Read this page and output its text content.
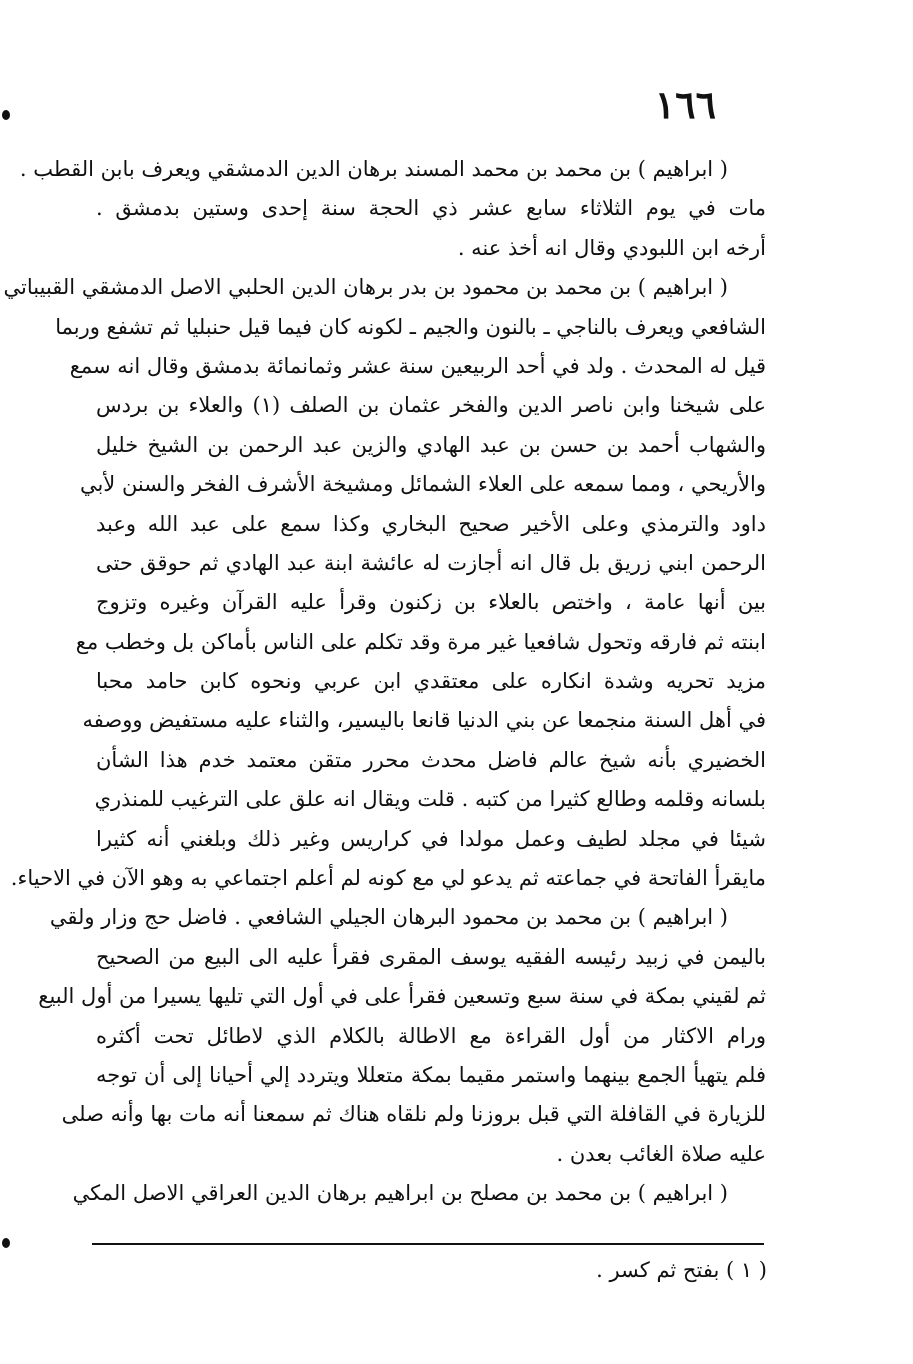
١٦٦
( ابراهيم ) بن محمد بن محمد المسند برهان الدين الدمشقي ويعرف بابن القطب .
مات في يوم الثلاثاء سابع عشر ذي الحجة سنة إحدى وستين بدمشق .
أرخه ابن اللبودي وقال انه أخذ عنه .
( ابراهيم ) بن محمد بن محمود بن بدر برهان الدين الحلبي الاصل الدمشقي القبيباتي
الشافعي ويعرف بالناجي ـ بالنون والجيم ـ لكونه كان فيما قيل حنبليا ثم تشفع وربما
قيل له المحدث . ولد في أحد الربيعين سنة عشر وثمانمائة بدمشق وقال انه سمع
على شيخنا وابن ناصر الدين والفخر عثمان بن الصلف (١) والعلاء بن بردس
والشهاب أحمد بن حسن بن عبد الهادي والزين عبد الرحمن بن الشيخ خليل
والأريحي ، ومما سمعه على العلاء الشمائل ومشيخة الأشرف الفخر والسنن لأبي
داود والترمذي وعلى الأخير صحيح البخاري وكذا سمع على عبد الله وعبد
الرحمن ابني زريق بل قال انه أجازت له عائشة ابنة عبد الهادي ثم حوقق حتى
بين أنها عامة ، واختص بالعلاء بن زكنون وقرأ عليه القرآن وغيره وتزوج
ابنته ثم فارقه وتحول شافعيا غير مرة وقد تكلم على الناس بأماكن بل وخطب مع
مزيد تحريه وشدة انكاره على معتقدي ابن عربي ونحوه كابن حامد محبا
في أهل السنة منجمعا عن بني الدنيا قانعا باليسير، والثناء عليه مستفيض ووصفه
الخضيري بأنه شيخ عالم فاضل محدث محرر متقن معتمد خدم هذا الشأن
بلسانه وقلمه وطالع كثيرا من كتبه . قلت ويقال انه علق على الترغيب للمنذري
شيئا في مجلد لطيف وعمل مولدا في كراريس وغير ذلك وبلغني أنه كثيرا
مايقرأ الفاتحة في جماعته ثم يدعو لي مع كونه لم أعلم اجتماعي به وهو الآن في الاحياء.
( ابراهيم ) بن محمد بن محمود البرهان الجيلي الشافعي . فاضل حج وزار ولقي
باليمن في زبيد رئيسه الفقيه يوسف المقرى فقرأ عليه الى البيع من الصحيح
ثم لقيني بمكة في سنة سبع وتسعين فقرأ على في أول التي تليها يسيرا من أول البيع
ورام الاكثار من أول القراءة مع الاطالة بالكلام الذي لاطائل تحت أكثره
فلم يتهيأ الجمع بينهما واستمر مقيما بمكة متعللا ويتردد إلي أحيانا إلى أن توجه
للزيارة في القافلة التي قبل بروزنا ولم نلقاه هناك ثم سمعنا أنه مات بها وأنه صلى
عليه صلاة الغائب بعدن .
( ابراهيم ) بن محمد بن مصلح بن ابراهيم برهان الدين العراقي الاصل المكي
( ١ ) بفتح ثم كسر .
